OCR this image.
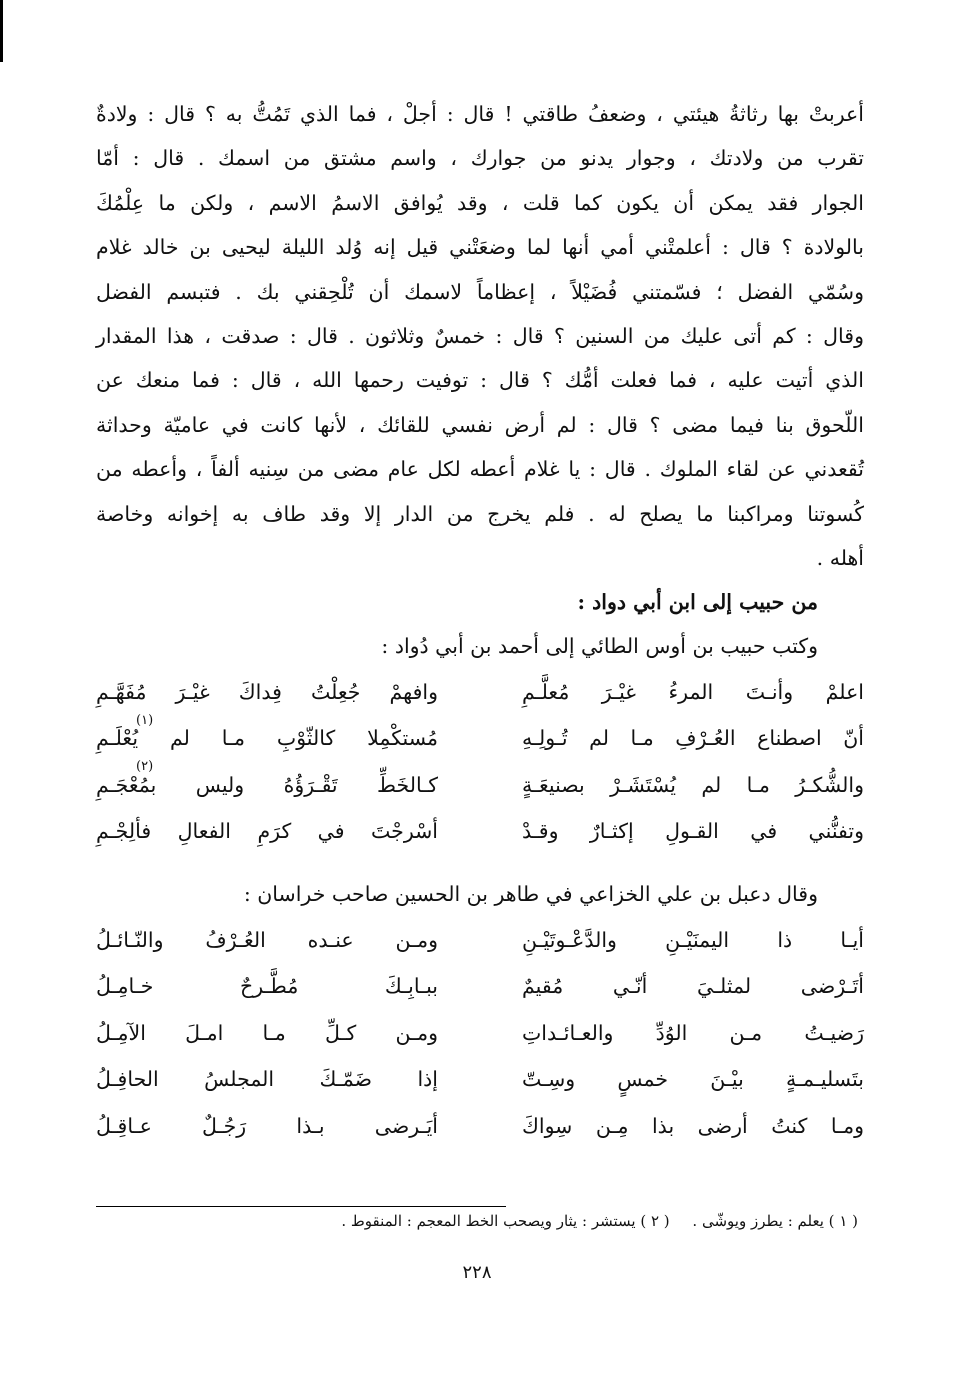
أعربتْ بها رثاثةُ هيئتي ، وضعفُ طاقتي ! قال : أجلْ ، فما الذي تَمُتُّ به ؟ قال : ولادةٌ
تقرب من ولادتك ، وجوار يدنو من جوارك ، واسم مشتق من اسمك . قال : أمّا
الجوار فقد يمكن أن يكون كما قلت ، وقد يُوافق الاسمُ الاسم ، ولكن ما عِلْمُكَ
بالولادة ؟ قال : أعلمتْني أمي أنها لما وضعَتْني قيل إنه وُلد الليلة ليحيى بن خالد غلام
وسُمّي الفضل ؛ فسّمتني فُضَيْلاً ، إعظاماً لاسمك أن تُلْحِقني بك . فتبسم الفضل
وقال : كم أتى عليك من السنين ؟ قال : خمسٌ وثلاثون . قال : صدقت ، هذا المقدار
الذي أتيت عليه ، فما فعلت أمُّك ؟ قال : توفيت رحمها الله ، قال : فما منعك عن
اللّحوق بنا فيما مضى ؟ قال : لم أرض نفسي للقائك ، لأنها كانت في عاميّة وحداثة
تُقعدني عن لقاء الملوك . قال : يا غلام أعطه لكل عام مضى من سِنيه ألفاً ، وأعطه من
كُسوتنا ومراكبنا ما يصلح له . فلم يخرج من الدار إلا وقد طاف به إخوانه وخاصة
أهله .

من حبيب إلى ابن أبي دواد :

وكتب حبيب بن أوس الطائي إلى أحمد بن أبي دُواد :

اعلمْ وأنـتَ المرءُ غيْـرَ مُعلَّـمِ
وافهمْ جُعِلْتُ فِداكَ غيْـرَ مُفَهَّـمِ
أنّ اصطناع العُـرْفِ مـا لم تُـولِـهِ
مُستكْمِلا كالثّوْبِ مـا لم يُعْلَـمِ
(١)
والشُّكـرُ مـا لم يُسْتَشَـرْ بصنيعَـةٍ
كـالخَطِّ تَقْـرَؤُهُ وليس بمُعْجَـمِ
(٢)
وتفنُّني في القـولِ إكثـارٌ وقـدْ
أسْرجْتَ في كرَمِ الفعالِ فألِجْـمِ

وقال دعبل بن علي الخزاعي في طاهر بن الحسين صاحب خراسان :

أيـا ذا اليمنَيْـنِ والدَّعْـوتَيْـنِ
ومـن عنـده العُـرْفُ والنّـائـلُ
أتَـرْضى لمثلـيَ أنّـي مُقيمٌ
ببـابِـكَ مُطَّـرحٌ خـامِـلُ
رَضيـتُ مـن الوُدِّ والعـائـداتِ
ومـن كـلِّ مـا امـلَ الآمِـلُ
بتَسليـمـةٍ بيْـنَ خمسٍ وسِـتّ
إذا ضَمّـكَ المجلسُ الحافِـلُ
ومـا كنتُ أرضى بذا مِـن سِواكَ
أيَـرضى بـذا رَجُـلٌ عـاقِـلُ
( ١ ) يعلم : يطرز ويوشّى . ( ٢ ) يستشر : يثار ويصحب الخط المعجم : المنقوط .
٢٢٨
